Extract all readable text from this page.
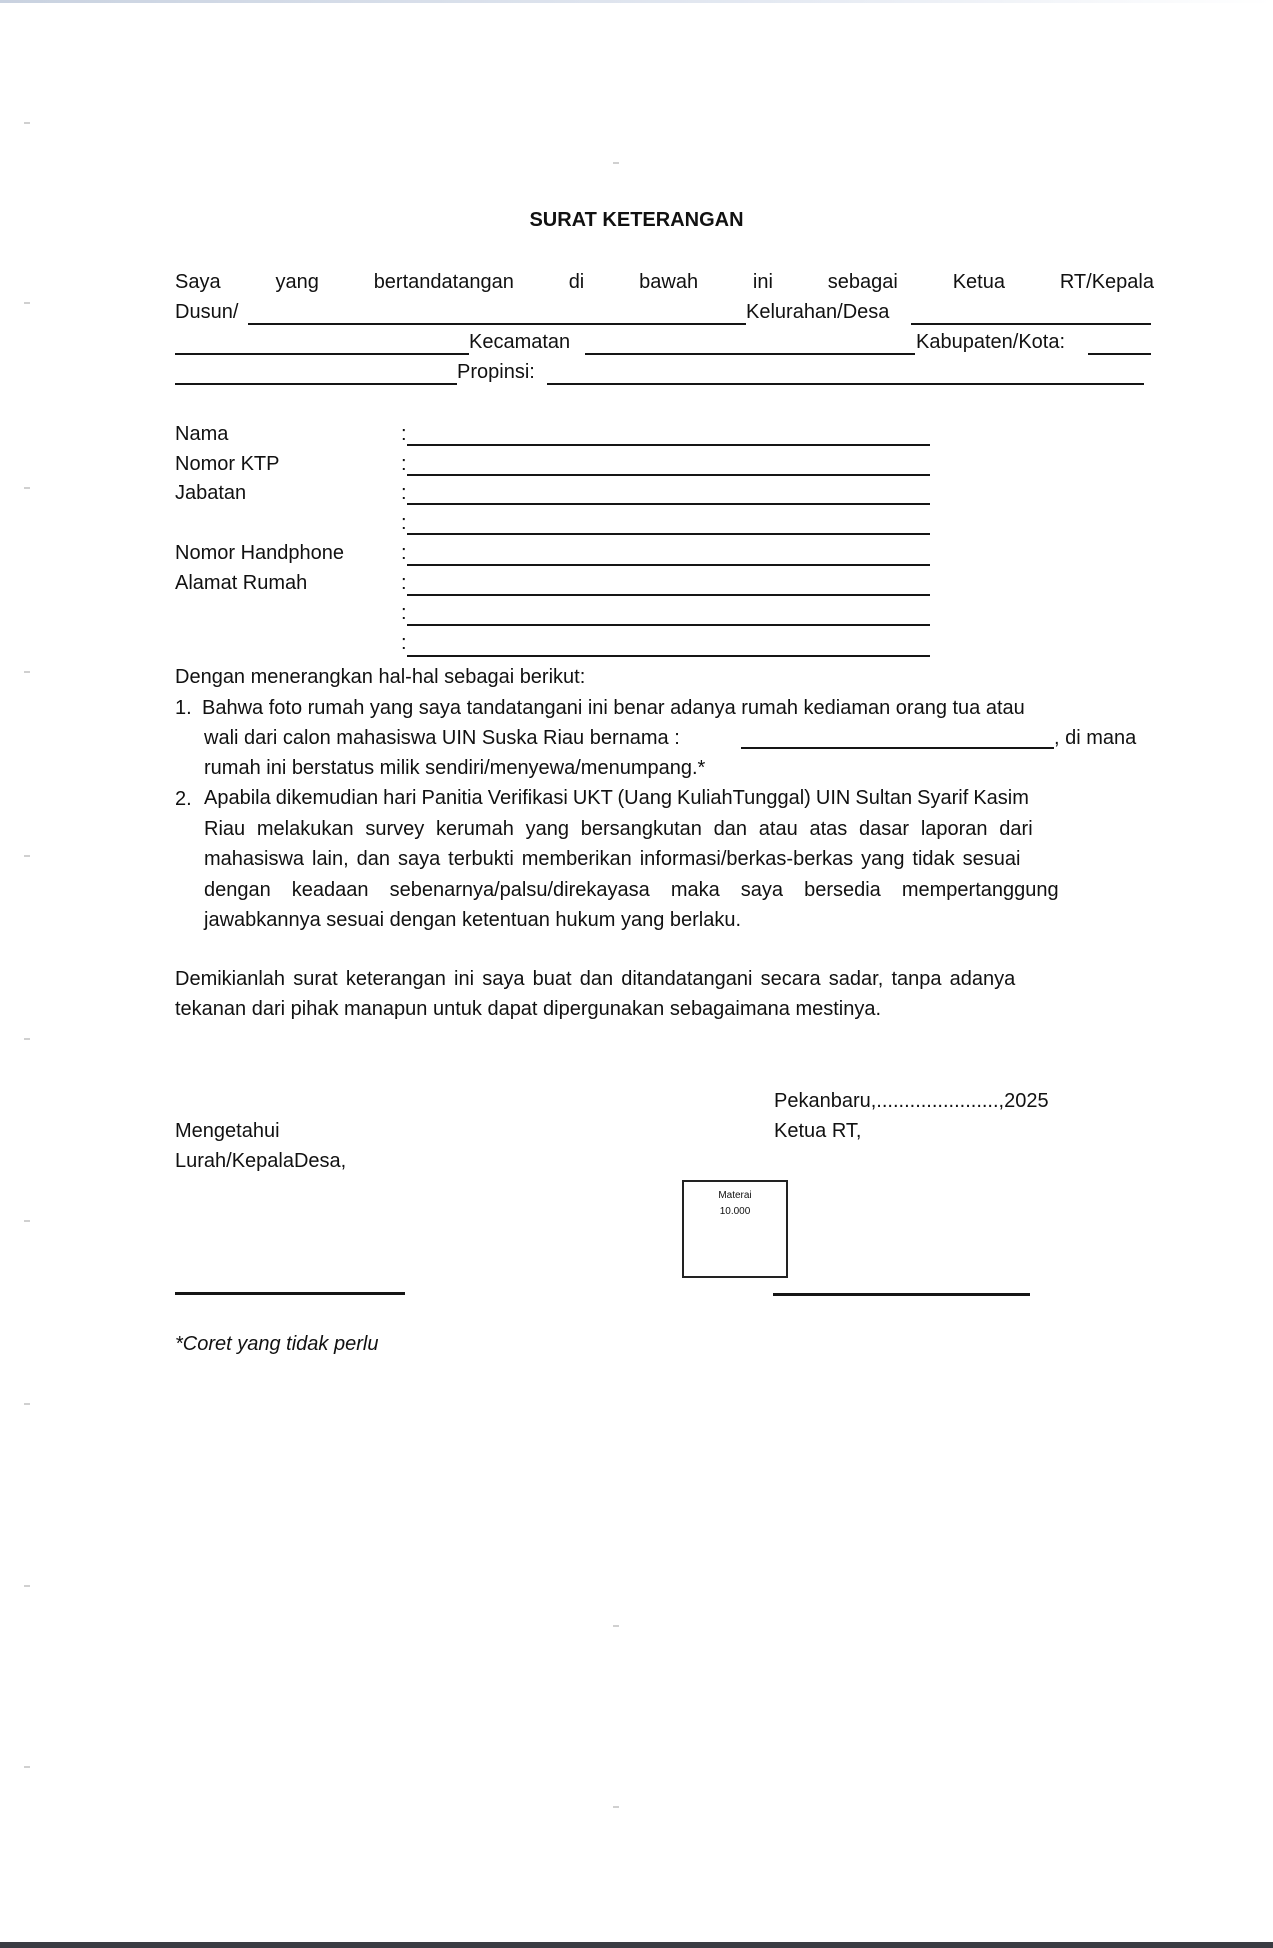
SURAT KETERANGAN
Saya	yang	bertandatangan	di	bawah	ini	sebagai	Ketua	RT/Kepala
Dusun/	Kelurahan/Desa
Kecamatan	Kabupaten/Kota:
Propinsi:
Nama	:
Nomor KTP	:
Jabatan	:
:
Nomor Handphone	:
Alamat Rumah	:
:
:
Dengan menerangkan hal-hal sebagai berikut:
1. Bahwa foto rumah yang saya tandatangani ini benar adanya rumah kediaman orang tua atau
wali dari calon mahasiswa UIN Suska Riau bernama :	, di mana
rumah ini berstatus milik sendiri/menyewa/menumpang.*
2. Apabila dikemudian hari Panitia Verifikasi UKT (Uang KuliahTunggal) UIN Sultan Syarif Kasim
Riau melakukan survey kerumah yang bersangkutan dan atau atas dasar laporan dari
mahasiswa lain, dan saya terbukti memberikan informasi/berkas-berkas yang tidak sesuai
dengan keadaan sebenarnya/palsu/direkayasa maka saya bersedia mempertanggung
jawabkannya sesuai dengan ketentuan hukum yang berlaku.
Demikianlah surat keterangan ini saya buat dan ditandatangani secara sadar, tanpa adanya
tekanan dari pihak manapun untuk dapat dipergunakan sebagaimana mestinya.
Pekanbaru,......................,2025
Ketua RT,
Mengetahui
Lurah/KepalaDesa,
Materai
10.000
*Coret yang tidak perlu
